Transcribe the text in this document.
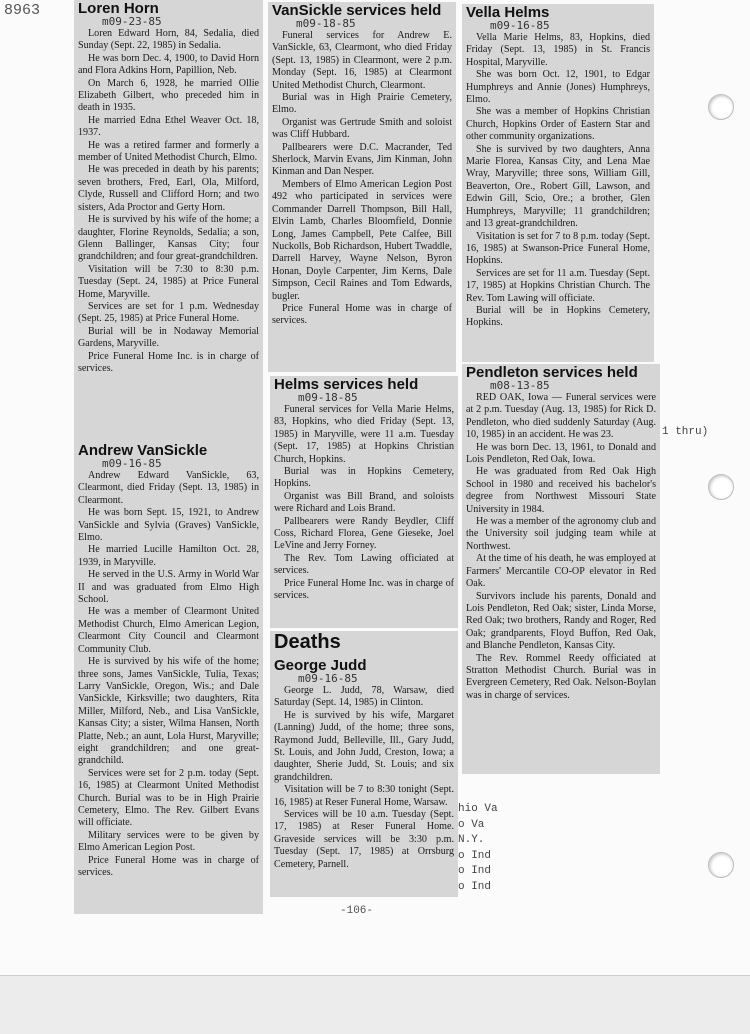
8963	Loren Horn
m09-23-85

Loren Edward Horn, 84, Sedalia, died Sunday (Sept. 22, 1985) in Sedalia.

He was born Dec. 4, 1900, to David Horn and Flora Adkins Horn, Papillion, Neb.

On March 6, 1928, he married Ollie Elizabeth Gilbert, who preceded him in death in 1935.

He married Edna Ethel Weaver Oct. 18, 1937.

He was a retired farmer and formerly a member of United Methodist Church, Elmo.

He was preceded in death by his parents; seven brothers, Fred, Earl, Ola, Milford, Clyde, Russell and Clifford Horn; and two sisters, Ada Proctor and Gerty Horn.

He is survived by his wife of the home; a daughter, Florine Reynolds, Sedalia; a son, Glenn Ballinger, Kansas City; four grandchildren; and four great-grandchildren.

Visitation will be 7:30 to 8:30 p.m. Tuesday (Sept. 24, 1985) at Price Funeral Home, Maryville.

Services are set for 1 p.m. Wednesday (Sept. 25, 1985) at Price Funeral Home.

Burial will be in Nodaway Memorial Gardens, Maryville.

Price Funeral Home Inc. is in charge of services.

Andrew VanSickle
m09-16-85

Andrew Edward VanSickle, 63, Clearmont, died Friday (Sept. 13, 1985) in Clearmont.

He was born Sept. 15, 1921, to Andrew VanSickle and Sylvia (Graves) VanSickle, Elmo.

He married Lucille Hamilton Oct. 28, 1939, in Maryville.

He served in the U.S. Army in World War II and was graduated from Elmo High School.

He was a member of Clearmont United Methodist Church, Elmo American Legion, Clearmont City Council and Clearmont Community Club.

He is survived by his wife of the home; three sons, James VanSickle, Tulia, Texas; Larry VanSickle, Oregon, Wis.; and Dale VanSickle, Kirksville; two daughters, Rita Miller, Milford, Neb., and Lisa VanSickle, Kansas City; a sister, Wilma Hansen, North Platte, Neb.; an aunt, Lola Hurst, Maryville; eight grandchildren; and one great-grandchild.

Services were set for 2 p.m. today (Sept. 16, 1985) at Clearmont United Methodist Church. Burial was to be in High Prairie Cemetery, Elmo. The Rev. Gilbert Evans will officiate.

Military services were to be given by Elmo American Legion Post.

Price Funeral Home was in charge of services.

VanSickle services held
m09-18-85

Funeral services for Andrew E. VanSickle, 63, Clearmont, who died Friday (Sept. 13, 1985) in Clearmont, were 2 p.m. Monday (Sept. 16, 1985) at Clearmont United Methodist Church, Clearmont.

Burial was in High Prairie Cemetery, Elmo.

Organist was Gertrude Smith and soloist was Cliff Hubbard.

Pallbearers were D.C. Macrander, Ted Sherlock, Marvin Evans, Jim Kinman, John Kinman and Dan Nesper.

Members of Elmo American Legion Post 492 who participated in services were Commander Darrell Thompson, Bill Hall, Elvin Lamb, Charles Bloomfield, Donnie Long, James Campbell, Pete Calfee, Bill Nuckolls, Bob Richardson, Hubert Twaddle, Darrell Harvey, Wayne Nelson, Byron Honan, Doyle Carpenter, Jim Kerns, Dale Simpson, Cecil Raines and Tom Edwards, bugler.

Price Funeral Home was in charge of services.

Helms services held
m09-18-85

Funeral services for Vella Marie Helms, 83, Hopkins, who died Friday (Sept. 13, 1985) in Maryville, were 11 a.m. Tuesday (Sept. 17, 1985) at Hopkins Christian Church, Hopkins.

Burial was in Hopkins Cemetery, Hopkins.

Organist was Bill Brand, and soloists were Richard and Lois Brand.

Pallbearers were Randy Beydler, Cliff Coss, Richard Florea, Gene Gieseke, Joel LeVine and Jerry Forney.

The Rev. Tom Lawing officiated at services.

Price Funeral Home Inc. was in charge of services.

Deaths
George Judd
m09-16-85

George L. Judd, 78, Warsaw, died Saturday (Sept. 14, 1985) in Clinton.

He is survived by his wife, Margaret (Lanning) Judd, of the home; three sons, Raymond Judd, Belleville, Ill., Gary Judd, St. Louis, and John Judd, Creston, Iowa; a daughter, Sherie Judd, St. Louis; and six grandchildren.

Visitation will be 7 to 8:30 tonight (Sept. 16, 1985) at Reser Funeral Home, Warsaw.

Services will be 10 a.m. Tuesday (Sept. 17, 1985) at Reser Funeral Home. Graveside services will be 3:30 p.m. Tuesday (Sept. 17, 1985) at Orrsburg Cemetery, Parnell.

Vella Helms
m09-16-85

Vella Marie Helms, 83, Hopkins, died Friday (Sept. 13, 1985) in St. Francis Hospital, Maryville.

She was born Oct. 12, 1901, to Edgar Humphreys and Annie (Jones) Humphreys, Elmo.

She was a member of Hopkins Christian Church, Hopkins Order of Eastern Star and other community organizations.

She is survived by two daughters, Anna Marie Florea, Kansas City, and Lena Mae Wray, Maryville; three sons, William Gill, Beaverton, Ore., Robert Gill, Lawson, and Edwin Gill, Scio, Ore.; a brother, Glen Humphreys, Maryville; 11 grandchildren; and 13 great-grandchildren.

Visitation is set for 7 to 8 p.m. today (Sept. 16, 1985) at Swanson-Price Funeral Home, Hopkins.

Services are set for 11 a.m. Tuesday (Sept. 17, 1985) at Hopkins Christian Church. The Rev. Tom Lawing will officiate.

Burial will be in Hopkins Cemetery, Hopkins.

Pendleton services held
m08-13-85

RED OAK, Iowa — Funeral services were at 2 p.m. Tuesday (Aug. 13, 1985) for Rick D. Pendleton, who died suddenly Saturday (Aug. 10, 1985) in an accident. He was 23.

He was born Dec. 13, 1961, to Donald and Lois Pendleton, Red Oak, Iowa.

He was graduated from Red Oak High School in 1980 and received his bachelor's degree from Northwest Missouri State University in 1984.

He was a member of the agronomy club and the University soil judging team while at Northwest.

At the time of his death, he was employed at Farmers' Mercantile CO-OP elevator in Red Oak.

Survivors include his parents, Donald and Lois Pendleton, Red Oak; sister, Linda Morse, Red Oak; two brothers, Randy and Roger, Red Oak; grandparents, Floyd Buffon, Red Oak, and Blanche Pendleton, Kansas City.

The Rev. Rommel Reedy officiated at Stratton Methodist Church. Burial was in Evergreen Cemetery, Red Oak. Nelson-Boylan was in charge of services.

1 thru)
hio Va
o Va
N.Y.
o Ind
o Ind
o Ind
-106-
